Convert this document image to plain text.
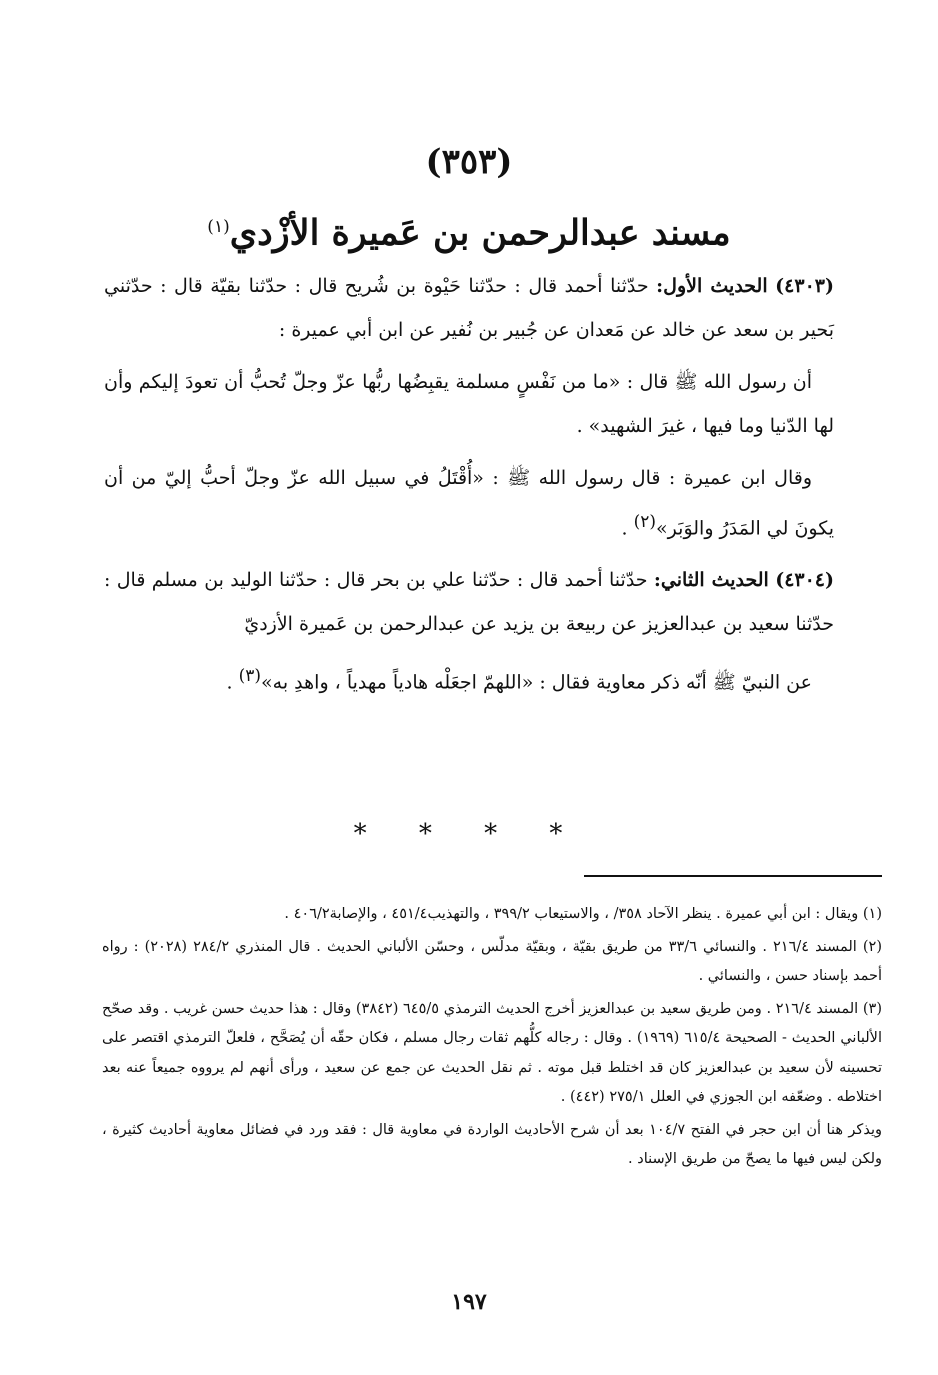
(٣٥٣)
مسند عبدالرحمن بن عَميرة الأزْدي$^{(١)}$

(٤٣٠٣) الحديث الأول: حدّثنا أحمد قال : حدّثنا حَيْوة بن شُريح قال : حدّثنا بقيّة قال : حدّثني بَحير بن سعد عن خالد عن مَعدان عن جُبير بن نُفير عن ابن أبي عميرة :

أن رسول الله ﷺ قال : «ما من نَفْسٍ مسلمة يقبِضُها ربُّها عزّ وجلّ تُحبُّ أن تعودَ إليكم وأن لها الدّنيا وما فيها ، غيرَ الشهيد» .

وقال ابن عميرة : قال رسول الله ﷺ : «أُقْتَلُ في سبيل الله عزّ وجلّ أحبُّ إليّ من أن يكونَ لي المَدَرُ والوَبَر»$^{(٢)}$ .

(٤٣٠٤) الحديث الثاني: حدّثنا أحمد قال : حدّثنا علي بن بحر قال : حدّثنا الوليد بن مسلم قال : حدّثنا سعيد بن عبدالعزيز عن ربيعة بن يزيد عن عبدالرحمن بن عَميرة الأزديّ

عن النبيّ ﷺ أنّه ذكر معاوية فقال : «اللهمّ اجعَلْه هادياً مهدياً ، واهدِ به»$^{(٣)}$ .

* * * *

(١) ويقال : ابن أبي عميرة . ينظر الآحاد ٣٥٨/ ، والاستيعاب ٣٩٩/٢ ، والتهذيب٤٥١/٤ ، والإصابة٤٠٦/٢ .

(٢) المسند ٢١٦/٤ . والنسائي ٣٣/٦ من طريق بقيّة ، وبقيّة مدلّس ، وحسّن الألباني الحديث . قال المنذري ٢٨٤/٢ (٢٠٢٨) : رواه أحمد بإسناد حسن ، والنسائي .

(٣) المسند ٢١٦/٤ . ومن طريق سعيد بن عبدالعزيز أخرج الحديث الترمذي ٦٤٥/٥ (٣٨٤٢) وقال : هذا حديث حسن غريب . وقد صحّح الألباني الحديث - الصحيحة ٦١٥/٤ (١٩٦٩) . وقال : رجاله كلُّهم ثقات رجال مسلم ، فكان حقّه أن يُصَحَّح ، فلعلّ الترمذي اقتصر على تحسينه لأن سعيد بن عبدالعزيز كان قد اختلط قبل موته . ثم نقل الحديث عن جمع عن سعيد ، ورأى أنهم لم يرووه جميعاً عنه بعد اختلاطه . وضعّفه ابن الجوزي في العلل ٢٧٥/١ (٤٤٢) .

ويذكر هنا أن ابن حجر في الفتح ١٠٤/٧ بعد أن شرح الأحاديث الواردة في معاوية قال : فقد ورد في فضائل معاوية أحاديث كثيرة ، ولكن ليس فيها ما يصحّ من طريق الإسناد .

١٩٧
